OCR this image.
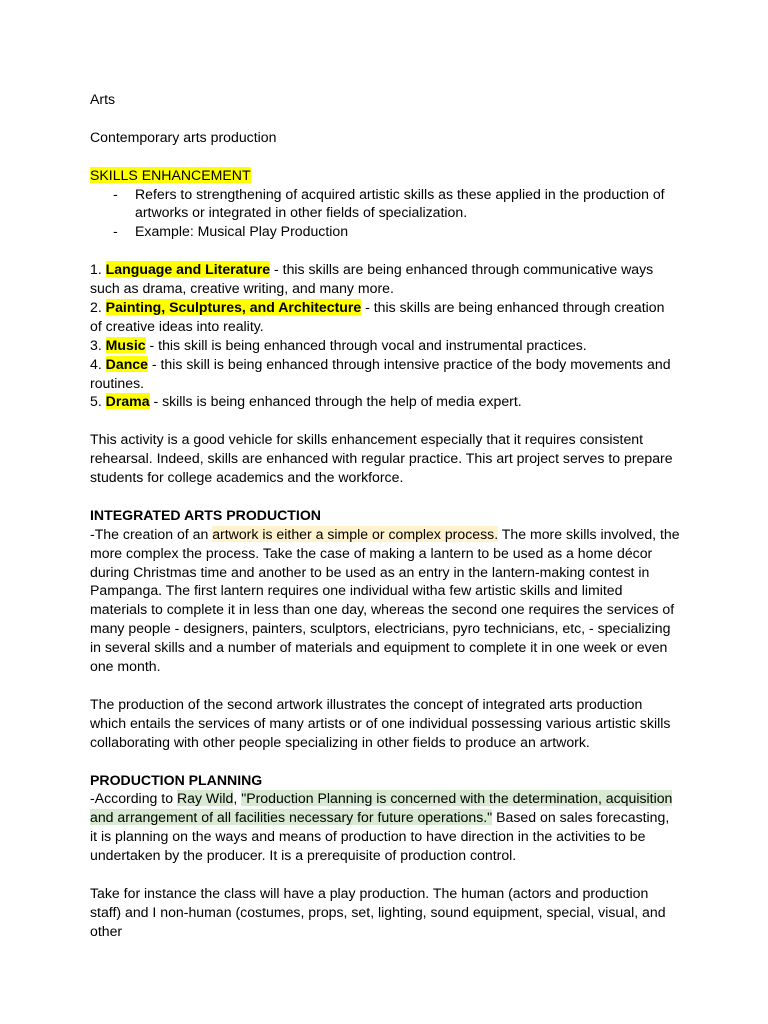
Arts

Contemporary arts production

SKILLS ENHANCEMENT

- Refers to strengthening of acquired artistic skills as these applied in the production of artworks or integrated in other fields of specialization.
- Example: Musical Play Production

1. Language and Literature - this skills are being enhanced through communicative ways such as drama, creative writing, and many more.

2. Painting, Sculptures, and Architecture - this skills are being enhanced through creation of creative ideas into reality.

3. Music - this skill is being enhanced through vocal and instrumental practices.

4. Dance - this skill is being enhanced through intensive practice of the body movements and routines.

5. Drama - skills is being enhanced through the help of media expert.

This activity is a good vehicle for skills enhancement especially that it requires consistent rehearsal. Indeed, skills are enhanced with regular practice. This art project serves to prepare students for college academics and the workforce.

INTEGRATED ARTS PRODUCTION

-The creation of an artwork is either a simple or complex process. The more skills involved, the more complex the process. Take the case of making a lantern to be used as a home décor during Christmas time and another to be used as an entry in the lantern-making contest in Pampanga. The first lantern requires one individual witha few artistic skills and limited materials to complete it in less than one day, whereas the second one requires the services of many people - designers, painters, sculptors, electricians, pyro technicians, etc, - specializing in several skills and a number of materials and equipment to complete it in one week or even one month.

The production of the second artwork illustrates the concept of integrated arts production which entails the services of many artists or of one individual possessing various artistic skills collaborating with other people specializing in other fields to produce an artwork.

PRODUCTION PLANNING

-According to Ray Wild, "Production Planning is concerned with the determination, acquisition and arrangement of all facilities necessary for future operations." Based on sales forecasting, it is planning on the ways and means of production to have direction in the activities to be undertaken by the producer. It is a prerequisite of production control.

Take for instance the class will have a play production. The human (actors and production staff) and I non-human (costumes, props, set, lighting, sound equipment, special, visual, and other
